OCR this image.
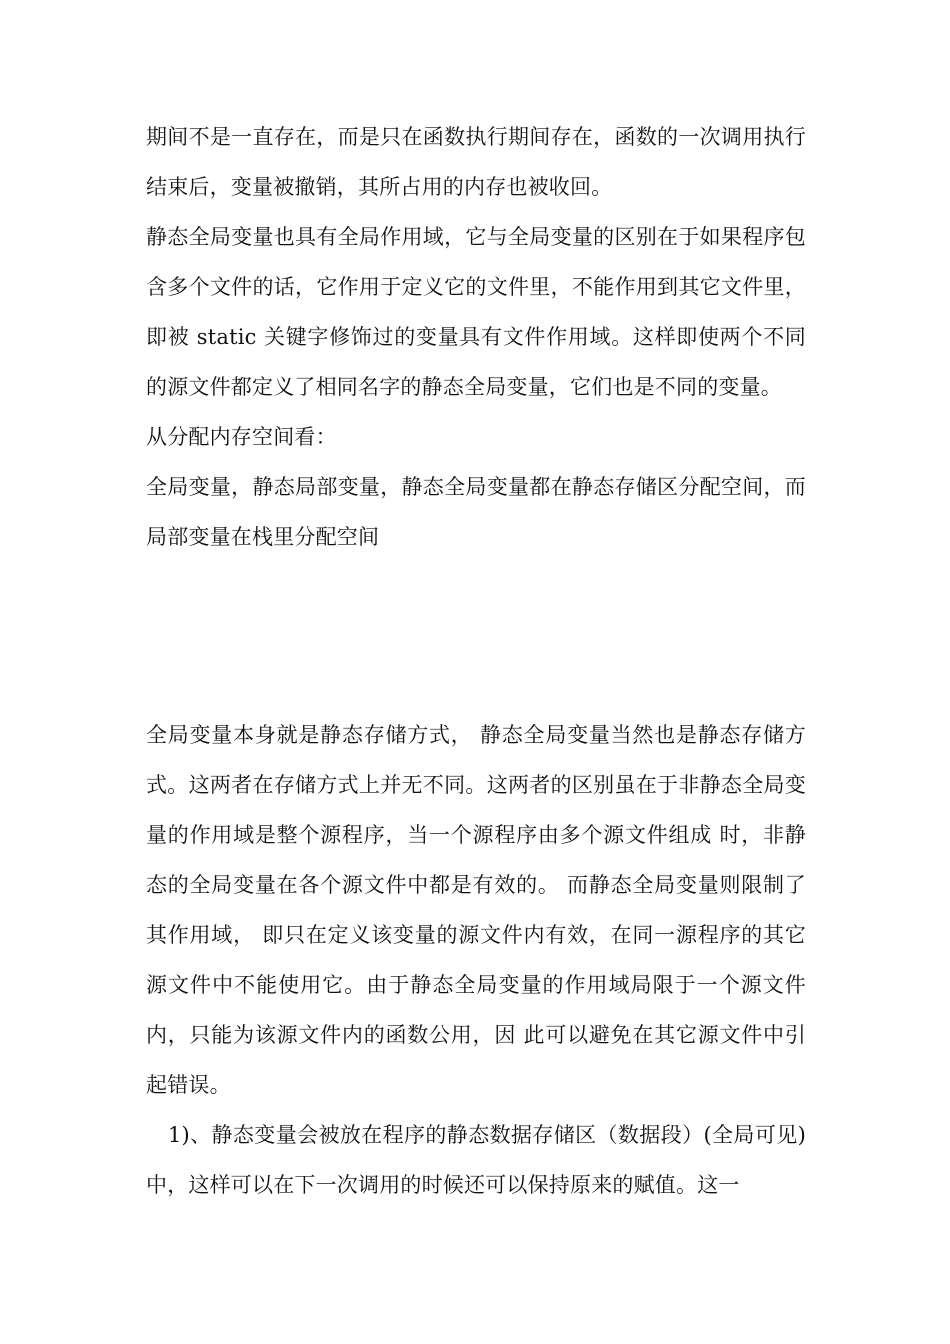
期间不是一直存在，而是只在函数执行期间存在，函数的一次调用执行结束后，变量被撤销，其所占用的内存也被收回。

静态全局变量也具有全局作用域，它与全局变量的区别在于如果程序包含多个文件的话，它作用于定义它的文件里，不能作用到其它文件里，即被 static 关键字修饰过的变量具有文件作用域。这样即使两个不同的源文件都定义了相同名字的静态全局变量，它们也是不同的变量。

从分配内存空间看：

全局变量，静态局部变量，静态全局变量都在静态存储区分配空间，而局部变量在栈里分配空间

全局变量本身就是静态存储方式， 静态全局变量当然也是静态存储方式。这两者在存储方式上并无不同。这两者的区别虽在于非静态全局变量的作用域是整个源程序，当一个源程序由多个源文件组成 时，非静态的全局变量在各个源文件中都是有效的。 而静态全局变量则限制了其作用域， 即只在定义该变量的源文件内有效，在同一源程序的其它源文件中不能使用它。由于静态全局变量的作用域局限于一个源文件内，只能为该源文件内的函数公用，因 此可以避免在其它源文件中引起错误。

1)、静态变量会被放在程序的静态数据存储区（数据段）(全局可见)中，这样可以在下一次调用的时候还可以保持原来的赋值。这一
